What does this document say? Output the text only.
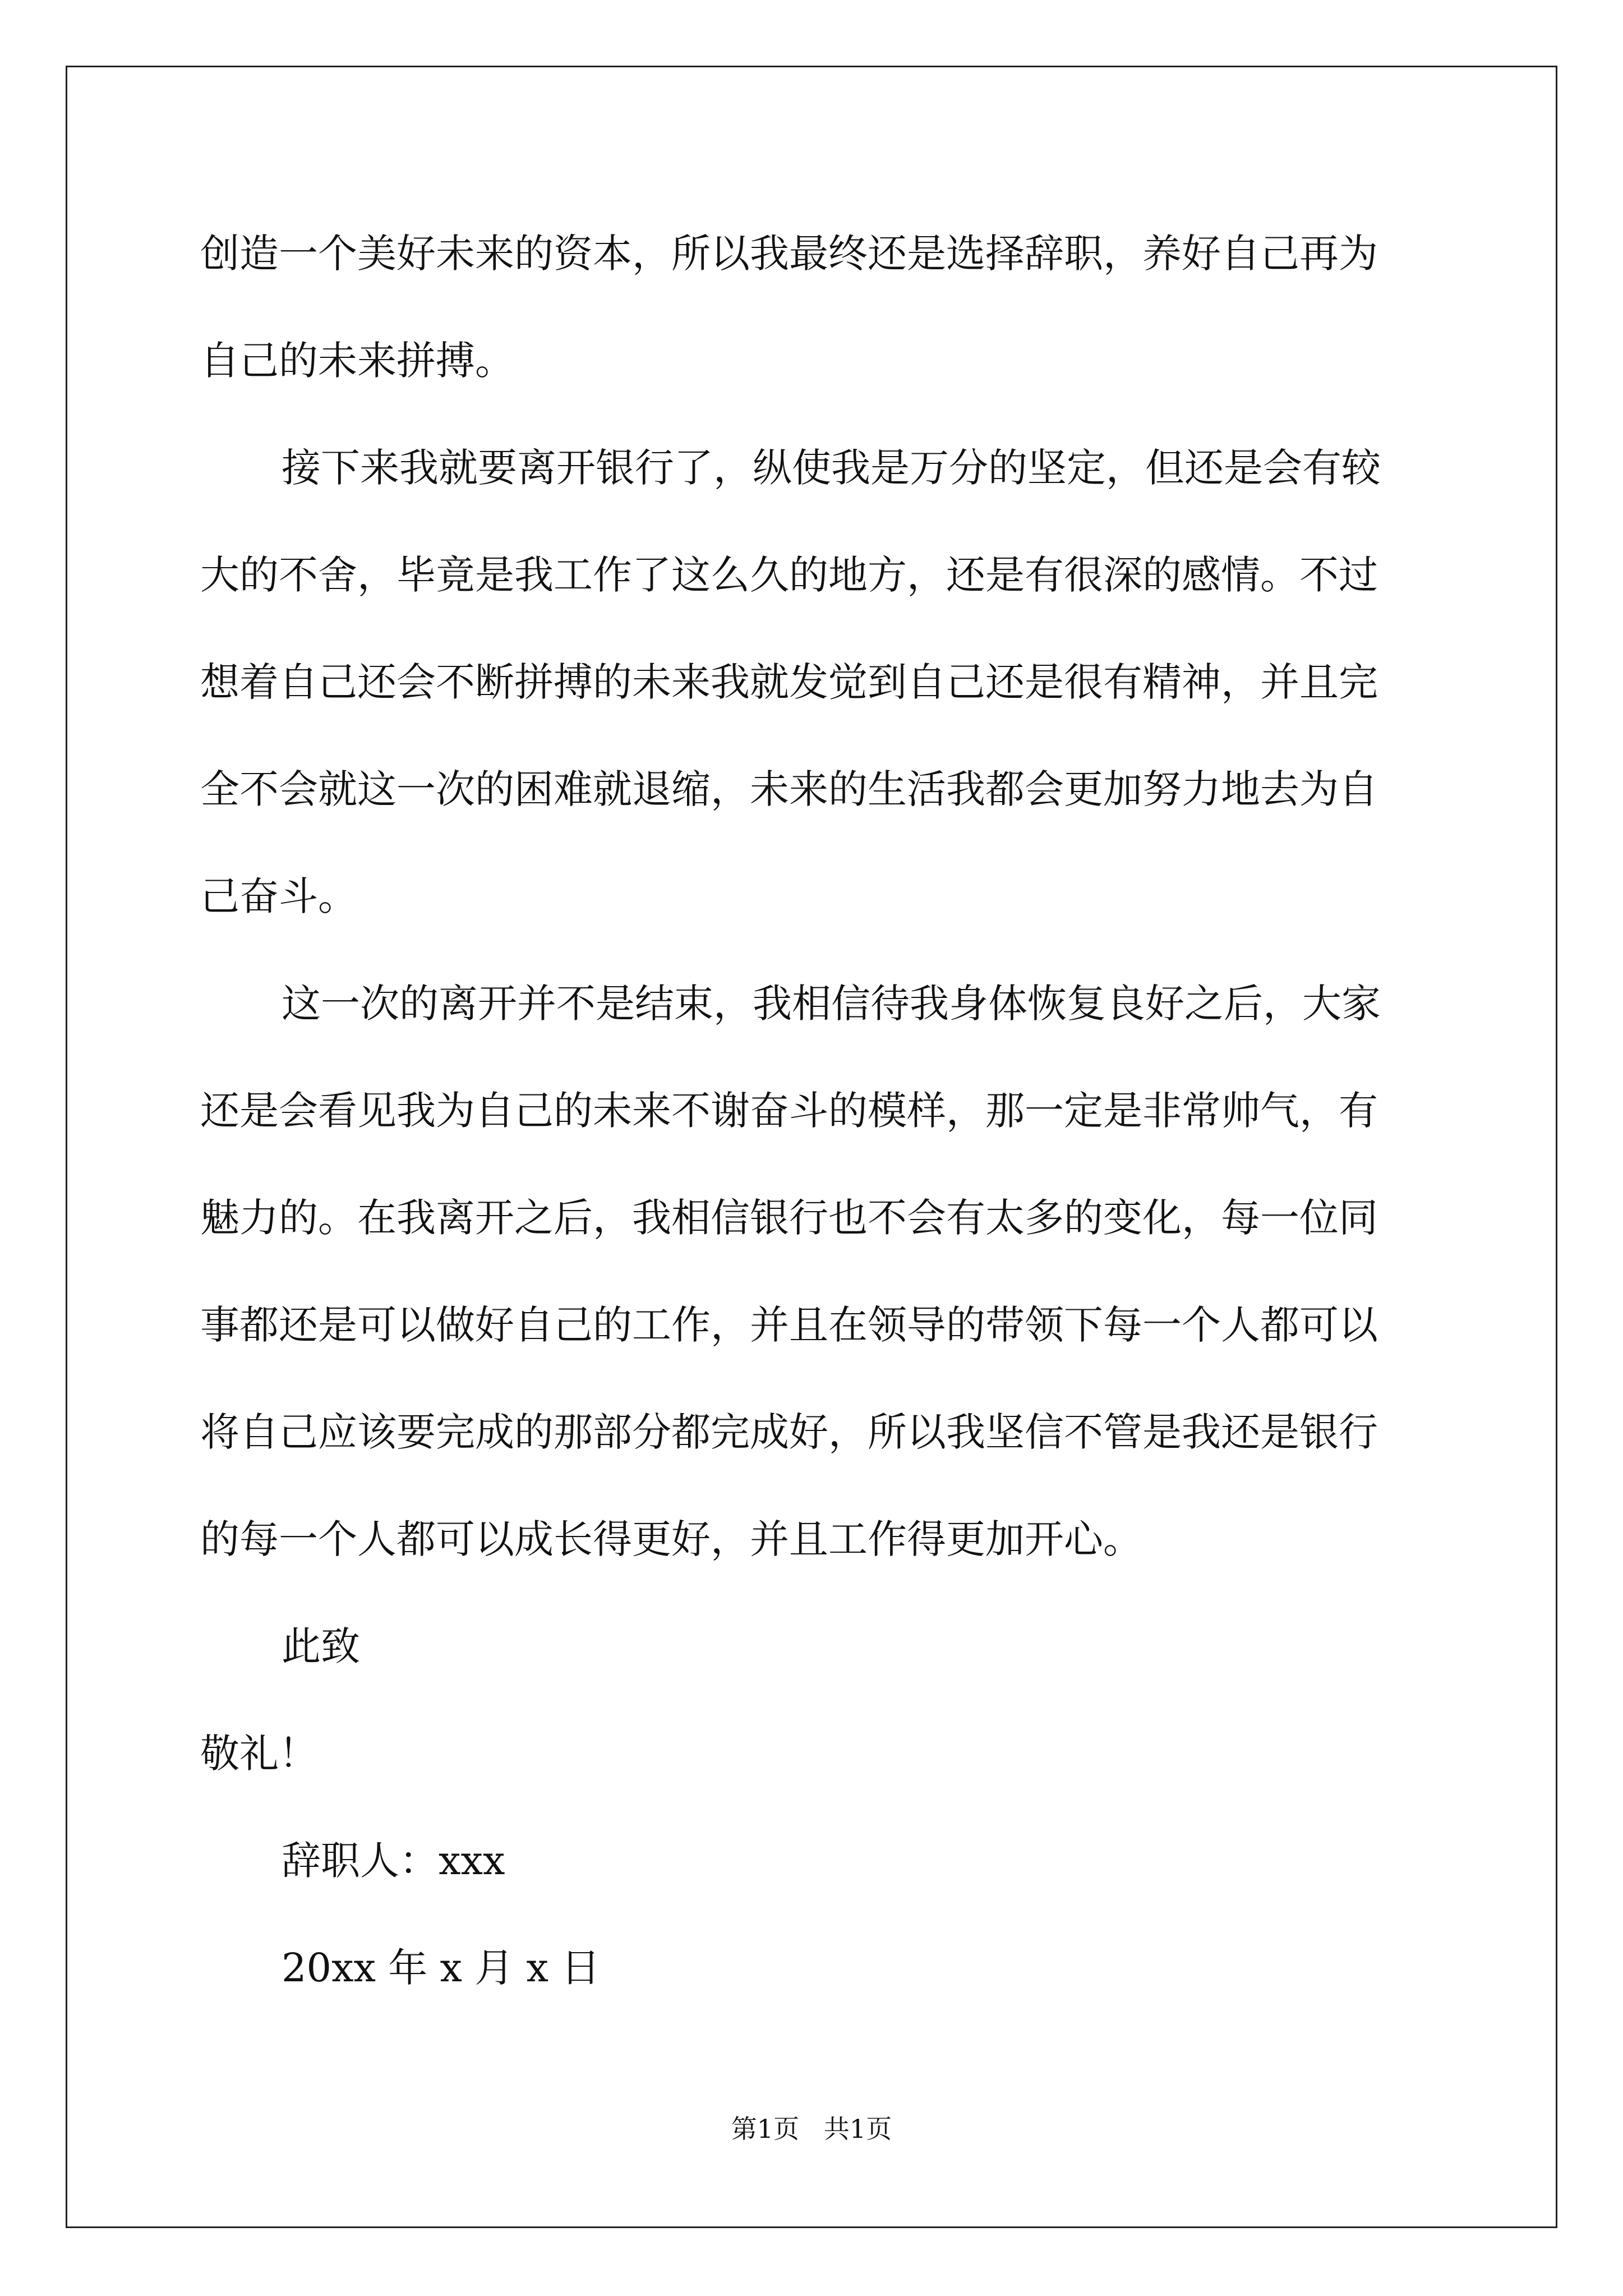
创造一个美好未来的资本，所以我最终还是选择辞职，养好自己再为
自己的未来拼搏。
接下来我就要离开银行了，纵使我是万分的坚定，但还是会有较
大的不舍，毕竟是我工作了这么久的地方，还是有很深的感情。不过
想着自己还会不断拼搏的未来我就发觉到自己还是很有精神，并且完
全不会就这一次的困难就退缩，未来的生活我都会更加努力地去为自
己奋斗。
这一次的离开并不是结束，我相信待我身体恢复良好之后，大家
还是会看见我为自己的未来不谢奋斗的模样，那一定是非常帅气，有
魅力的。在我离开之后，我相信银行也不会有太多的变化，每一位同
事都还是可以做好自己的工作，并且在领导的带领下每一个人都可以
将自己应该要完成的那部分都完成好，所以我坚信不管是我还是银行
的每一个人都可以成长得更好，并且工作得更加开心。
此致
敬礼！
辞职人：xxx
20xx 年 x 月 x 日
第1页   共1页
